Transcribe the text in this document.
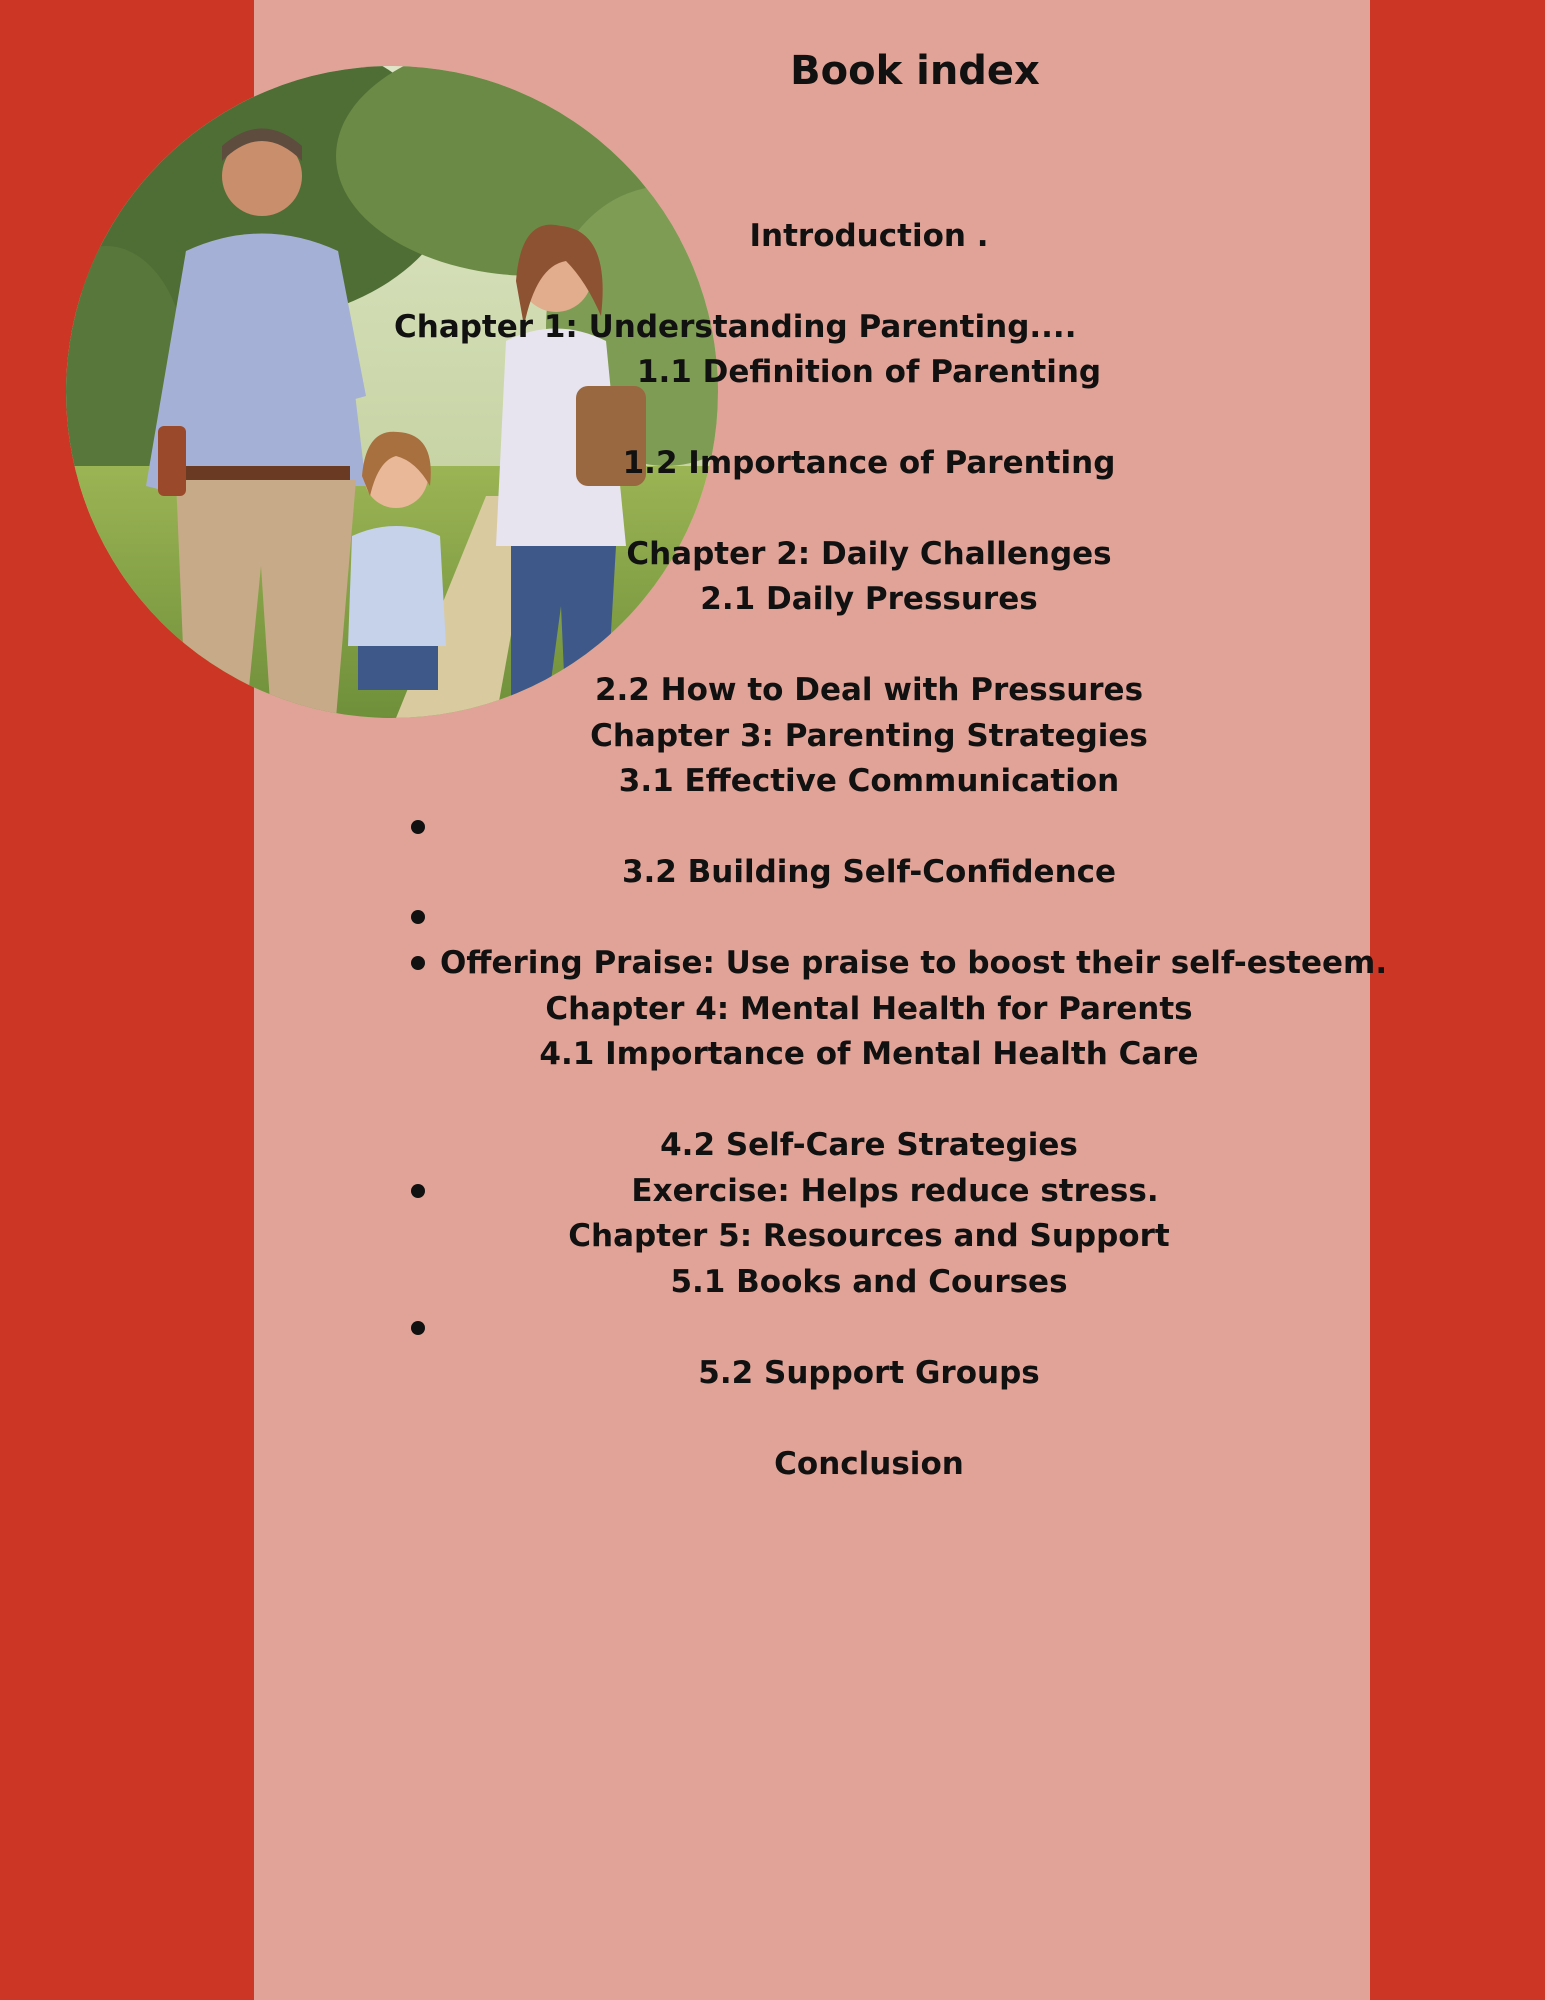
Book index
Introduction .
Chapter 1: Understanding Parenting....
1.1 Definition of Parenting
1.2 Importance of Parenting
Chapter 2: Daily Challenges
2.1 Daily Pressures
2.2 How to Deal with Pressures
Chapter 3: Parenting Strategies
3.1 Effective Communication
3.2 Building Self-Confidence
Offering Praise: Use praise to boost their self-esteem.
Chapter 4: Mental Health for Parents
4.1 Importance of Mental Health Care
4.2 Self-Care Strategies
Exercise: Helps reduce stress.
Chapter 5: Resources and Support
5.1 Books and Courses
5.2 Support Groups
Conclusion
